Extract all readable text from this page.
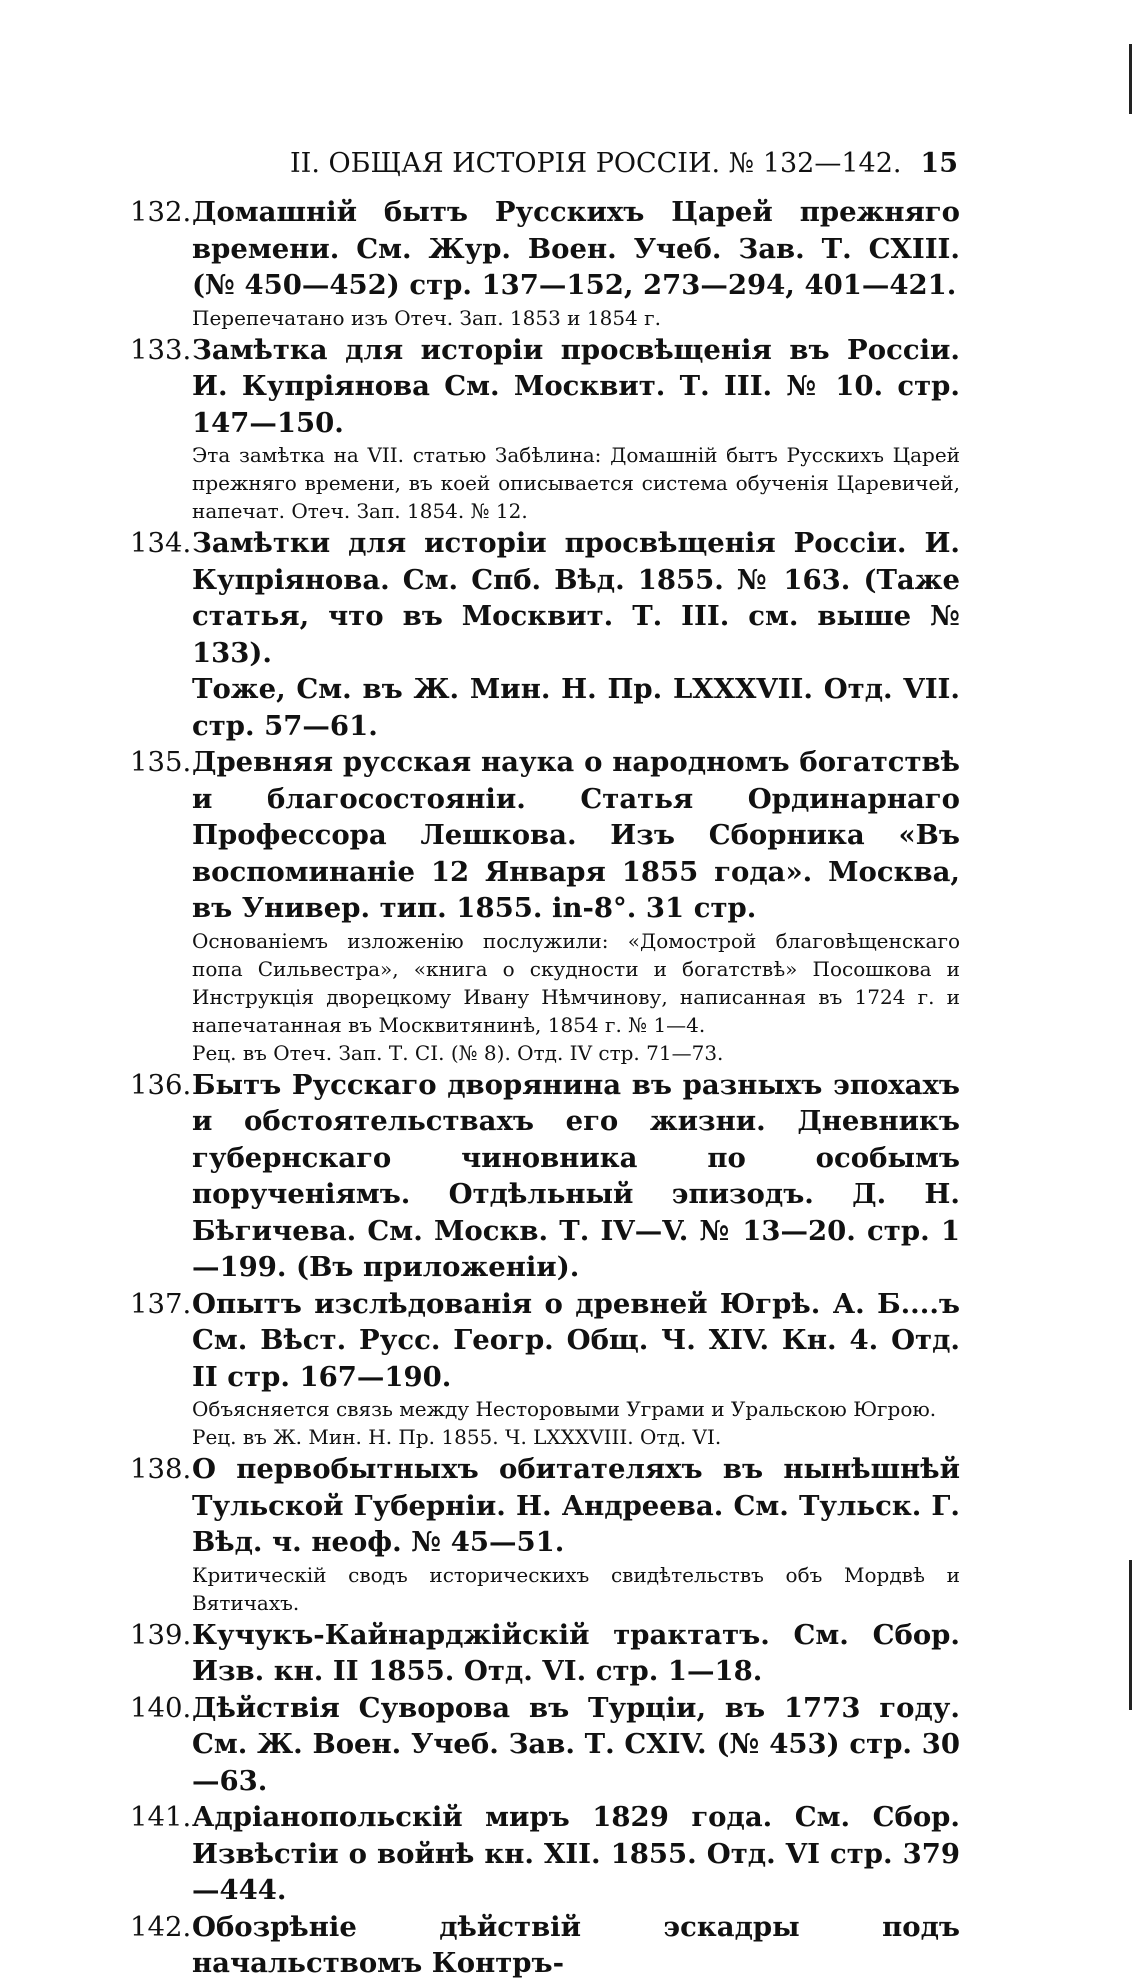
II. ОБЩАЯ ИСТОРІЯ РОССІИ. № 132—142. 15
132. Домашній бытъ Русскихъ Царей прежняго времени. См. Жур. Воен. Учеб. Зав. Т. CXIII. (№ 450—452) стр. 137—152, 273—294, 401—421.

Перепечатано изъ Отеч. Зап. 1853 и 1854 г.

133. Замѣтка для исторіи просвѣщенія въ Россіи. И. Купріянова См. Москвит. Т. III. № 10. стр. 147—150.

Эта замѣтка на VII. статью Забѣлина: Домашній бытъ Русскихъ Царей прежняго времени, въ коей описывается система обученія Царевичей, напечат. Отеч. Зап. 1854. № 12.

134. Замѣтки для исторіи просвѣщенія Россіи. И. Купріянова. См. Спб. Вѣд. 1855. № 163. (Таже статья, что въ Москвит. Т. III. см. выше № 133).

Тоже, См. въ Ж. Мин. Н. Пр. LXXXVII. Отд. VII. стр. 57—61.

135. Древняя русская наука о народномъ богатствѣ и благосостояніи. Статья Ординарнаго Профессора Лешкова. Изъ Сборника «Въ воспоминаніе 12 Января 1855 года». Москва, въ Универ. тип. 1855. in-8°. 31 стр.

Основаніемъ изложенію послужили: «Домострой благовѣщенскаго попа Сильвестра», «книга о скудности и богатствѣ» Посошкова и Инструкція дворецкому Ивану Нѣмчинову, написанная въ 1724 г. и напечатанная въ Москвитянинѣ, 1854 г. № 1—4.

Рец. въ Отеч. Зап. Т. CI. (№ 8). Отд. IV стр. 71—73.

136. Бытъ Русскаго дворянина въ разныхъ эпохахъ и обстоятельствахъ его жизни. Дневникъ губернскаго чиновника по особымъ порученіямъ. Отдѣльный эпизодъ. Д. Н. Бѣгичева. См. Москв. Т. IV—V. № 13—20. стр. 1—199. (Въ приложеніи).

137. Опытъ изслѣдованія о древней Югрѣ. А. Б....ъ См. Вѣст. Русс. Геогр. Общ. Ч. XIV. Кн. 4. Отд. II стр. 167—190.

Объясняется связь между Несторовыми Уграми и Уральскою Югрою.

Рец. въ Ж. Мин. Н. Пр. 1855. Ч. LXXXVIII. Отд. VI.

138. О первобытныхъ обитателяхъ въ нынѣшнѣй Тульской Губерніи. Н. Андреева. См. Тульск. Г. Вѣд. ч. неоф. № 45—51.

Критическій сводъ историческихъ свидѣтельствъ объ Мордвѣ и Вятичахъ.

139. Кучукъ-Кайнарджійскій трактатъ. См. Сбор. Изв. кн. II 1855. Отд. VI. стр. 1—18.

140. Дѣйствія Суворова въ Турціи, въ 1773 году. См. Ж. Воен. Учеб. Зав. Т. CXIV. (№ 453) стр. 30—63.

141. Адріанопольскій миръ 1829 года. См. Сбор. Извѣстіи о войнѣ кн. XII. 1855. Отд. VI стр. 379—444.

142. Обозрѣніе дѣйствій эскадры подъ начальствомъ Контръ-
